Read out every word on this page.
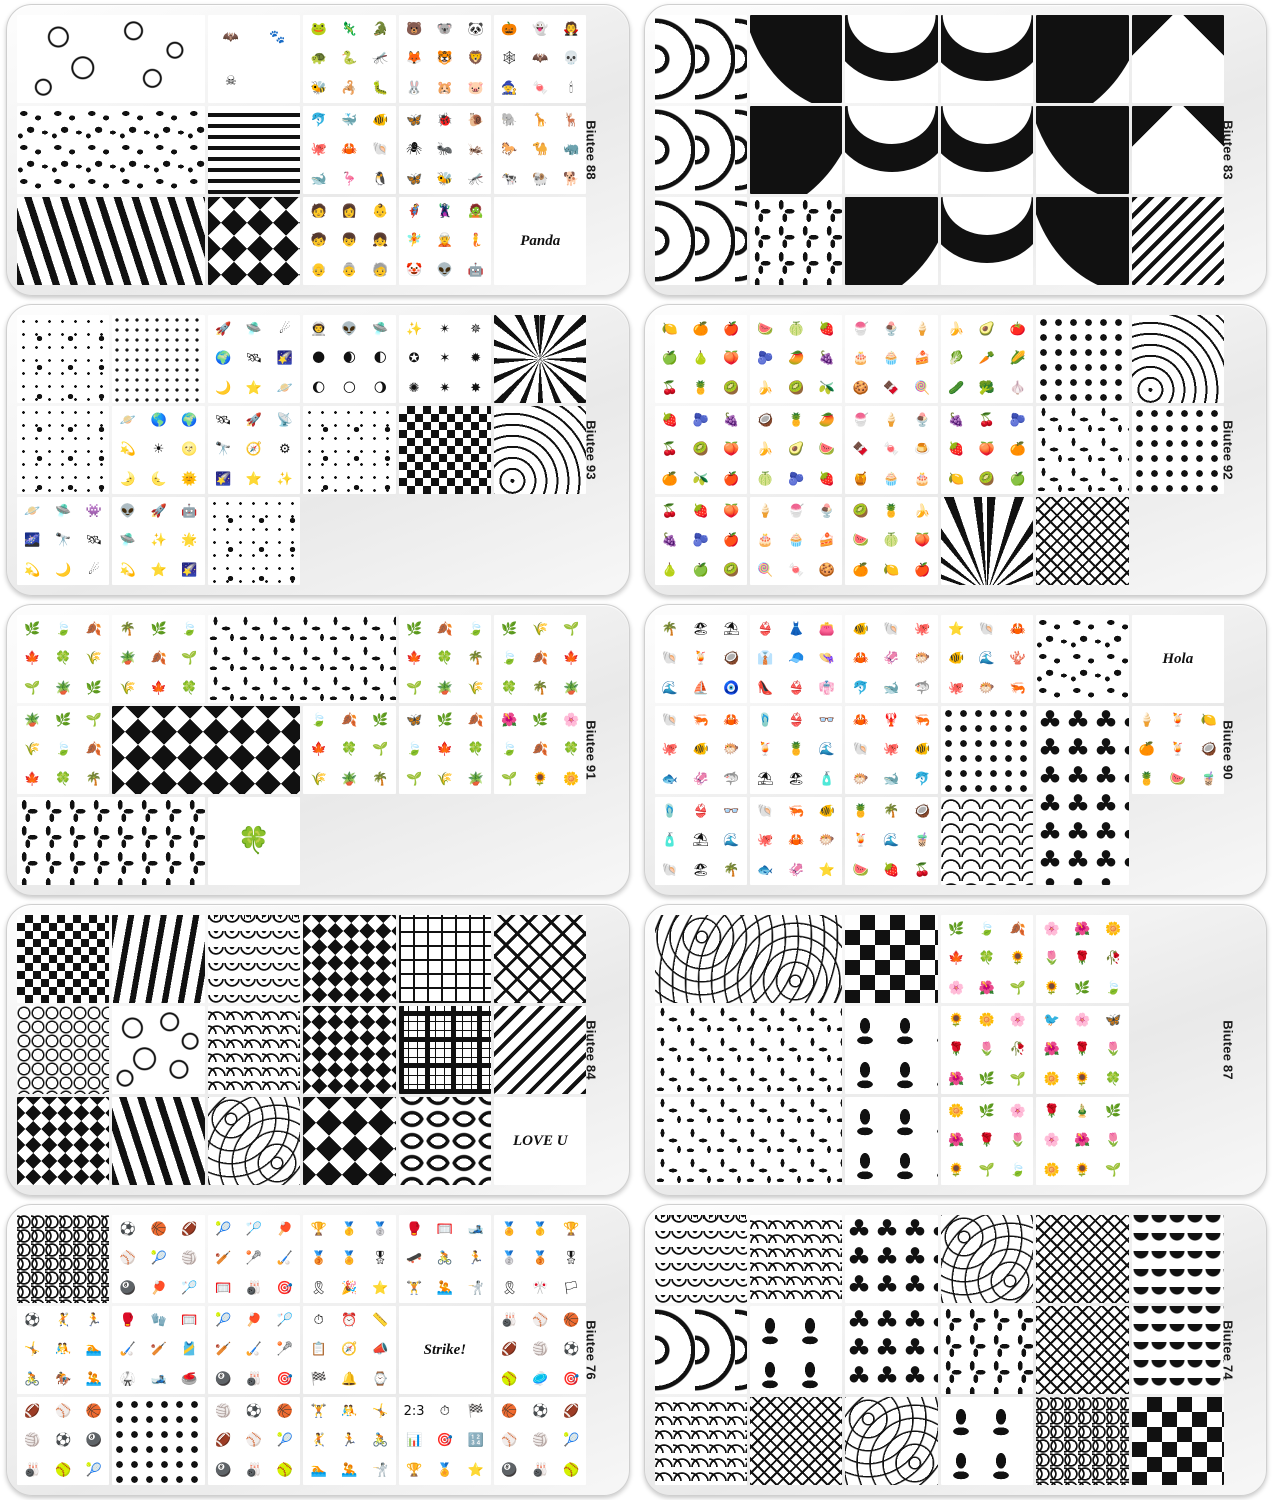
🦇 🐾
☠
🐸 🦎 🐊
🐢 🐍 🦟
🐝 🦂 🐛
🐻 🐨 🐼
🦊 🐯 🦁
🐰 🐹 🐷
🎃 👻 🧛
🕸 🦇 💀
🧙 🍬 🕯
🐬 🐳 🐠
🐙 🦀 🐚
🐋 🦩 🐧
🦋 🐞 🐌
🕷 🐜 🦗
🦋 🐝 🦟
🐘 🦒 🦌
🐎 🐪 🦏
🐄 🐏 🐕
🧑 👩 👶
🧒 👦 👧
👴 👵 🧓
🦸 🦹 🧟
🧚 🧝 🧜
🤡 👽 🤖
Panda
Biutee 88	Biutee 83
🚀 🛸 ☄
🌍 🛰 🌠
🌙 ⭐ 🪐
👨‍🚀 👽 🛸
🌑 🌒 🌓
🌔 🌕 🌖
✨ ✴ ✵
✪ ✶ ✹
✺ ✷ ✸
🪐 🌎 🌍
💫 ☀ 🌝
🌛 🌜 🌞
🛰 🚀 📡
🔭 🧭 ⚙
🌠 ⭐ ✨
🪐 🛸 👾
🌌 🔭 🛰
💫 🌙 ☄
👽 🚀 🤖
🛸 ✨ 🌟
💫 ⭐ 🌠
Biutee 93
🍋 🍊 🍎
🍏 🍐 🍑
🍒 🍍 🥝
🍉 🍈 🍓
🫐 🥭 🍇
🍌 🥝 🫒
🍧 🍨 🍦
🎂 🧁 🍰
🍪 🍫 🍭
🍌 🥑 🍅
🥬 🥕 🌽
🥒 🥦 🧄
🍓 🫐 🍇
🍒 🥝 🍑
🍊 🫒 🍎
🥥 🍍 🥭
🍌 🥑 🍉
🍈 🫐 🍓
🍧 🍦 🍨
🍫 🍬 🍮
🍯 🧁 🎂
🍇 🍒 🫐
🍓 🍑 🍊
🍋 🥝 🍏
🍒 🍓 🍑
🍇 🫐 🍎
🍐 🍏 🥝
🍦 🍧 🍨
🎂 🧁 🍰
🍭 🍬 🍪
🥝 🍍 🍌
🍉 🍈 🍑
🍊 🍋 🍎
Biutee 92
🌿 🍃 🍂
🍁 🍀 🌾
🌱 🪴 🌿
🌴 🌿 🍃
🪴 🍂 🌱
🌾 🍁 🍀
🌿 🍂 🍃
🍁 🍀 🌴
🌱 🪴 🌾
🌿 🌾 🌱
🍃 🍂 🍁
🍀 🌴 🪴
🪴 🌿 🌱
🌾 🍃 🍂
🍁 🍀 🌴
🍃 🍂 🌿
🍁 🍀 🌱
🌾 🪴 🌴
🦋 🌿 🍂
🍃 🍁 🍀
🌱 🌾 🪴
🌺 🌿 🌸
🍃 🍂 🍀
🌱 🌻 🌼
🍀
Biutee 91
🌴 🏖 ⛱
🐚 🍹 🥥
🌊 ⛵ 🧿
👙 👗 👛
👔 🧢 👒
👠 👙 👘
🐠 🐚 🐙
🦀 🦑 🐡
🐬 🐋 🦈
⭐ 🐚 🦀
🐠 🌊 🪸
🐙 🐡 🦐
Hola
🐚 🦐 🦀
🐙 🐠 🐡
🐟 🦑 🦈
🩴 👙 👓
🍹 🍍 🌊
⛱ 🏖 🧴
🦀 🦞 🦐
🐚 🐙 🐠
🐡 🐋 🐬
🍦 🍹 🍋
🍊 🍹 🥥
🍍 🍉 🧋
🩴 👙 👓
🧴 ⛱ 🌊
🐚 🏖 🌴
🐚 🦐 🐠
🐙 🦀 🐡
🐟 🦑 ⭐
🍍 🌴 🥥
🍹 🌊 🧋
🍉 🍓 🍒
Biutee 90
LOVE U
Biutee 84
🌿 🍃 🍂
🍁 🍀 🌻
🌸 🌺 🌱
🌸 🌺 🌼
🌷 🌹 🥀
🌻 🌿 🍃
🌻 🌼 🌸
🌹 🌷 🥀
🌺 🌿 🌱
🐦 🌸 🦋
🌺 🌹 🌷
🌼 🌻 🍀
🌼 🌿 🌸
🌺 🌹 🌷
🌻 🌱 🍃
🌹 🎍 🌿
🌸 🌺 🌷
🌼 🌻 🌱
Biutee 87
⚽ 🏀 🏈
⚾ 🎾 🏐
🎱 🏓 🏸
🎾 🏸 🏓
🏏 🥍 🏑
🥅 🎳 🎯
🏆 🥇 🥈
🥉 🏅 🎖
🎗 🎉 ⭐
🥊 🥅 🎿
🛹 🚴 🏃
🏋 🤽 🤺
🏅 🥇 🏆
🥈 🥉 🎖
🎗 🎌 🏳
⚽ 🤾 🏃
🤸 🤼 🏊
🚴 🏇 🤽
🥊 🧤 🥅
🏑 🏏 🎽
🥋 🎿 🥌
🎾 🏓 🏸
🏏 🏑 🥍
🎱 🎳 🎯
⏱ ⏰ 📏
📋 🧭 📣
🏁 🔔 ⌚
Strike!
🎳 ⚾ 🏀
🏈 🏐 ⚽
🥎 🥏 🎯
🏈 ⚾ 🏀
🏐 ⚽ 🎱
🎳 🥎 🎾
🏐 ⚽ 🏀
🏈 ⚾ 🎾
🎱 🎳 🥎
🏋 🤼 🤸
🤾 🏃 🚴
🏊 🤽 🤺
2:3 ⏱ 🏁
📊 🎯 🔢
🏆 🏅 ⭐
🏀 ⚽ 🏈
⚾ 🏐 🎾
🎱 🎳 🥎
Biutee 76	Biutee 74
